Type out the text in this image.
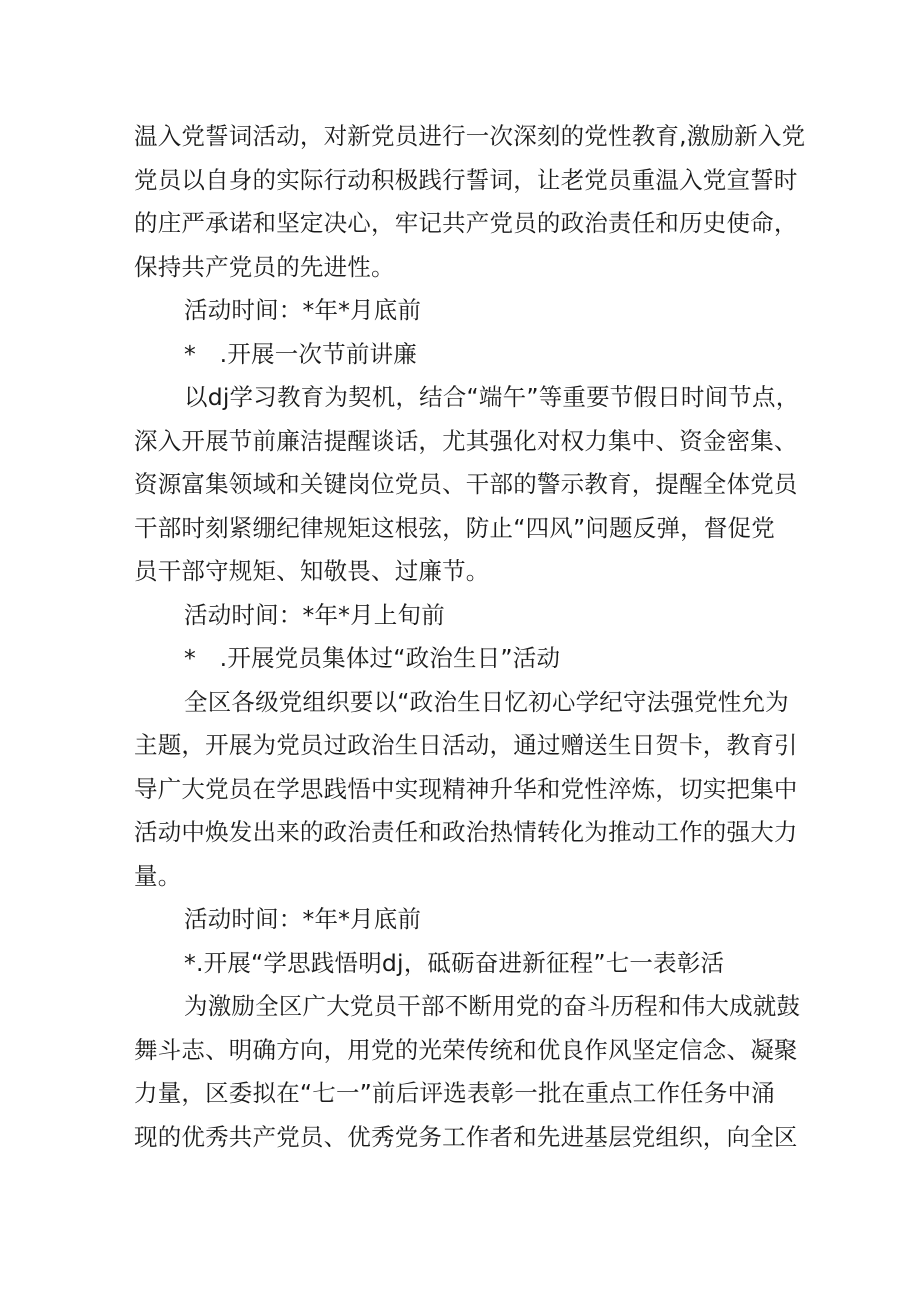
温入党誓词活动，对新党员进行一次深刻的党性教育,激励新入党
党员以自身的实际行动积极践行誓词，让老党员重温入党宣誓时
的庄严承诺和坚定决心，牢记共产党员的政治责任和历史使命，
保持共产党员的先进性。
活动时间：*年*月底前
*　.开展一次节前讲廉
以dj学习教育为契机，结合“端午”等重要节假日时间节点，
深入开展节前廉洁提醒谈话，尤其强化对权力集中、资金密集、
资源富集领域和关键岗位党员、干部的警示教育，提醒全体党员
干部时刻紧绷纪律规矩这根弦，防止“四风”问题反弹，督促党
员干部守规矩、知敬畏、过廉节。
活动时间：*年*月上旬前
*　.开展党员集体过“政治生日”活动
全区各级党组织要以“政治生日忆初心学纪守法强党性允为
主题，开展为党员过政治生日活动，通过赠送生日贺卡，教育引
导广大党员在学思践悟中实现精神升华和党性淬炼，切实把集中
活动中焕发出来的政治责任和政治热情转化为推动工作的强大力
量。
活动时间：*年*月底前
*.开展“学思践悟明dj，砥砺奋进新征程”七一表彰活
为激励全区广大党员干部不断用党的奋斗历程和伟大成就鼓
舞斗志、明确方向，用党的光荣传统和优良作风坚定信念、凝聚
力量，区委拟在“七一”前后评选表彰一批在重点工作任务中涌
现的优秀共产党员、优秀党务工作者和先进基层党组织，向全区
